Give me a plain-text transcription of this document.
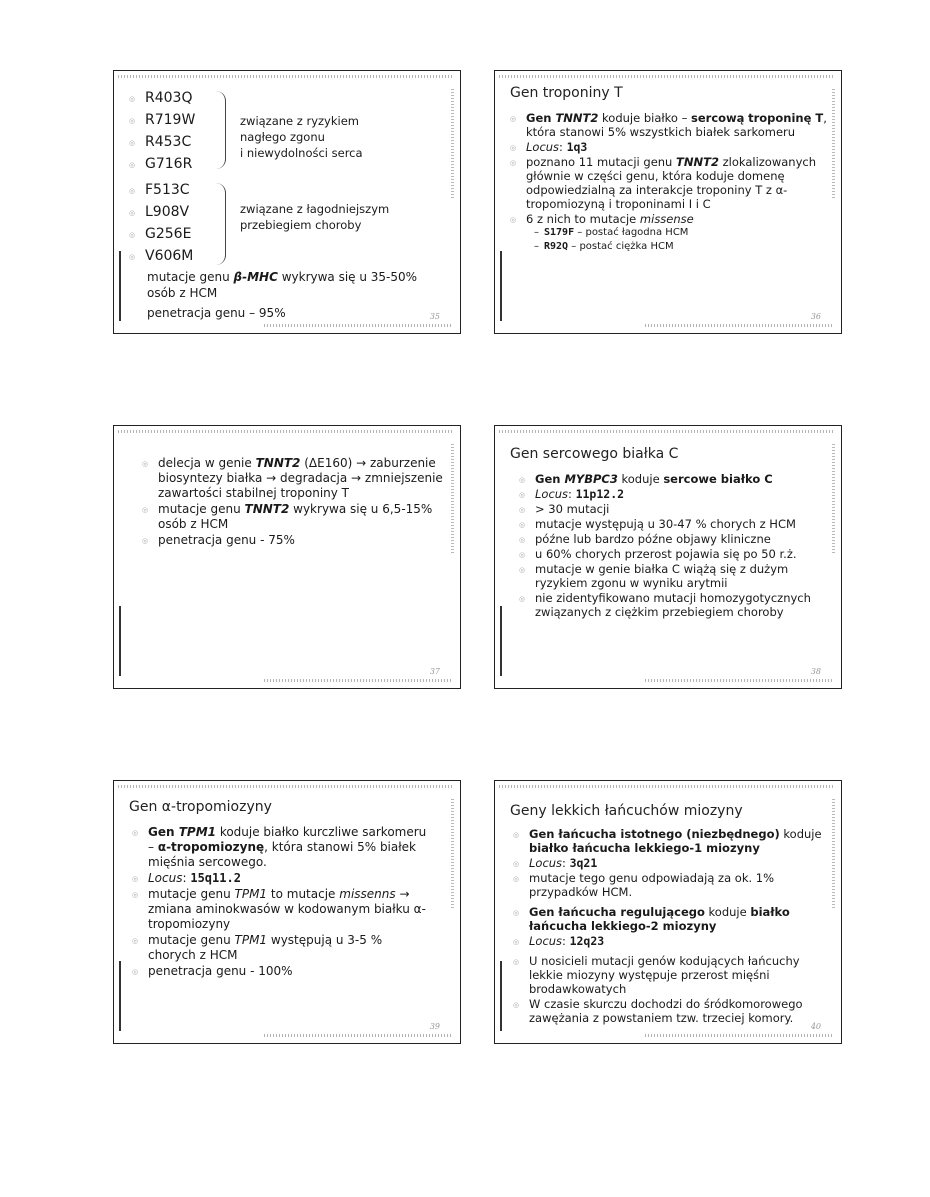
◎ R403Q
◎ R719W
◎ R453C
◎ G716R
związane z ryzykiem
nagłego zgonu
i niewydolności serca
◎ F513C
◎ L908V
◎ G256E
◎ V606M
związane z łagodniejszym
przebiegiem choroby
mutacje genu β-MHC wykrywa się u 35-50%
osób z HCM
penetracja genu – 95%	35
Gen troponiny T
◎ Gen TNNT2 koduje białko – sercową troponinę T, która stanowi 5% wszystkich białek sarkomeru
◎ Locus: 1q3
◎ poznano 11 mutacji genu TNNT2 zlokalizowanych głównie w części genu, która koduje domenę odpowiedzialną za interakcje troponiny T z α-tropomiozyną i troponinami I i C
◎ 6 z nich to mutacje missense
– S179F – postać łagodna HCM
– R92Q – postać ciężka HCM
36
◎ delecja w genie TNNT2 (ΔE160) → zaburzenie biosyntezy białka → degradacja → zmniejszenie zawartości stabilnej troponiny T
◎ mutacje genu TNNT2 wykrywa się u 6,5-15% osób z HCM
◎ penetracja genu - 75%
37
Gen sercowego białka C
◎ Gen MYBPC3 koduje sercowe białko C
◎ Locus: 11p12.2
◎ > 30 mutacji
◎ mutacje występują u 30-47 % chorych z HCM
◎ późne lub bardzo późne objawy kliniczne
◎ u 60% chorych przerost pojawia się po 50 r.ż.
◎ mutacje w genie białka C wiążą się z dużym ryzykiem zgonu w wyniku arytmii
◎ nie zidentyfikowano mutacji homozygotycznych związanych z ciężkim przebiegiem choroby
38
Gen α-tropomiozyny
◎ Gen TPM1 koduje białko kurczliwe sarkomeru – α-tropomiozynę, która stanowi 5% białek mięśnia sercowego.
◎ Locus: 15q11.2
◎ mutacje genu TPM1 to mutacje missenns → zmiana aminokwasów w kodowanym białku α-tropomiozyny
◎ mutacje genu TPM1 występują u 3-5 % chorych z HCM
◎ penetracja genu - 100%
39
Geny lekkich łańcuchów miozyny
◎ Gen łańcucha istotnego (niezbędnego) koduje białko łańcucha lekkiego-1 miozyny
◎ Locus: 3q21
◎ mutacje tego genu odpowiadają za ok. 1% przypadków HCM.
◎ Gen łańcucha regulującego koduje białko łańcucha lekkiego-2 miozyny
◎ Locus: 12q23
◎ U nosicieli mutacji genów kodujących łańcuchy lekkie miozyny występuje przerost mięśni brodawkowatych
◎ W czasie skurczu dochodzi do śródkomorowego zawężania z powstaniem tzw. trzeciej komory.
40
